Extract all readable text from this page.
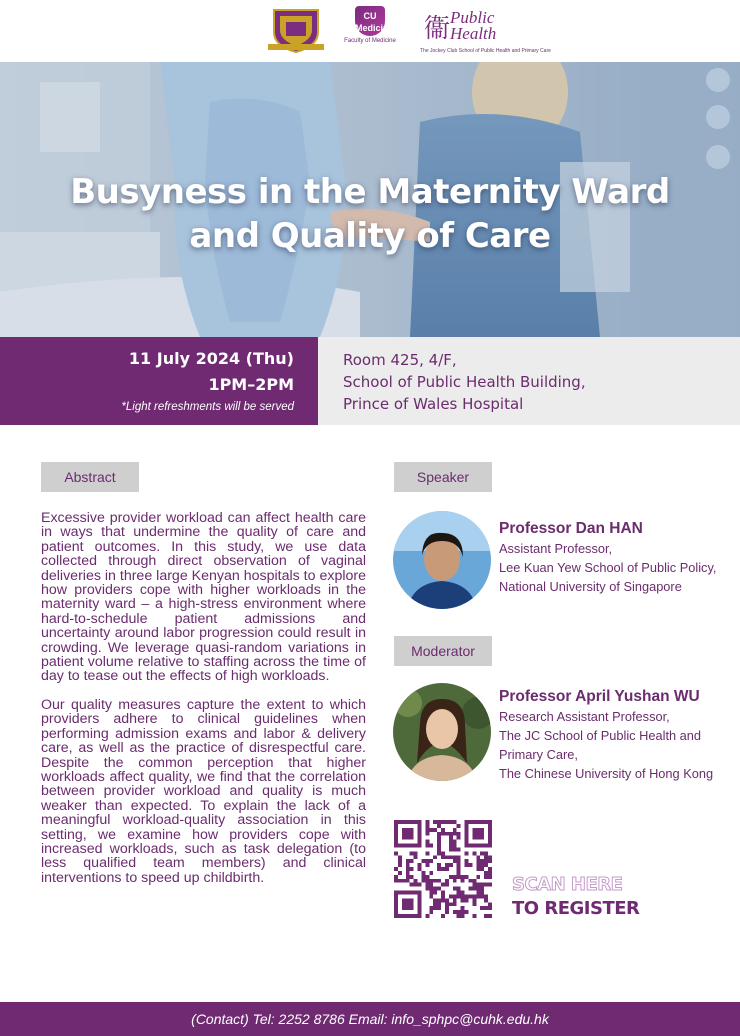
CU Medicine
Faculty of Medicine 衞 Public Health
The Jockey Club School of Public Health and Primary Care
Busyness in the Maternity Ward
and Quality of Care
11 July 2024 (Thu)
1PM–2PM
*Light refreshments will be served
Room 425, 4/F,
School of Public Health Building,
Prince of Wales Hospital
Abstract

Excessive provider workload can affect health care in ways that undermine the quality of care and patient outcomes. In this study, we use data collected through direct observation of vaginal deliveries in three large Kenyan hospitals to explore how providers cope with higher workloads in the maternity ward – a high-stress environment where hard-to-schedule patient admissions and uncertainty around labor progression could result in crowding. We leverage quasi-random variations in patient volume relative to staffing across the time of day to tease out the effects of high workloads.

Our quality measures capture the extent to which providers adhere to clinical guidelines when performing admission exams and labor & delivery care, as well as the practice of disrespectful care. Despite the common perception that higher workloads affect quality, we find that the correlation between provider workload and quality is much weaker than expected. To explain the lack of a meaningful workload-quality association in this setting, we examine how providers cope with increased workloads, such as task delegation (to less qualified team members) and clinical interventions to speed up childbirth.

Speaker
Professor Dan HAN
Assistant Professor,
Lee Kuan Yew School of Public Policy,
National University of Singapore
Moderator
Professor April Yushan WU
Research Assistant Professor,
The JC School of Public Health and
Primary Care,
The Chinese University of Hong Kong
SCAN HERE
TO REGISTER
(Contact) Tel: 2252 8786 Email: info_sphpc@cuhk.edu.hk
